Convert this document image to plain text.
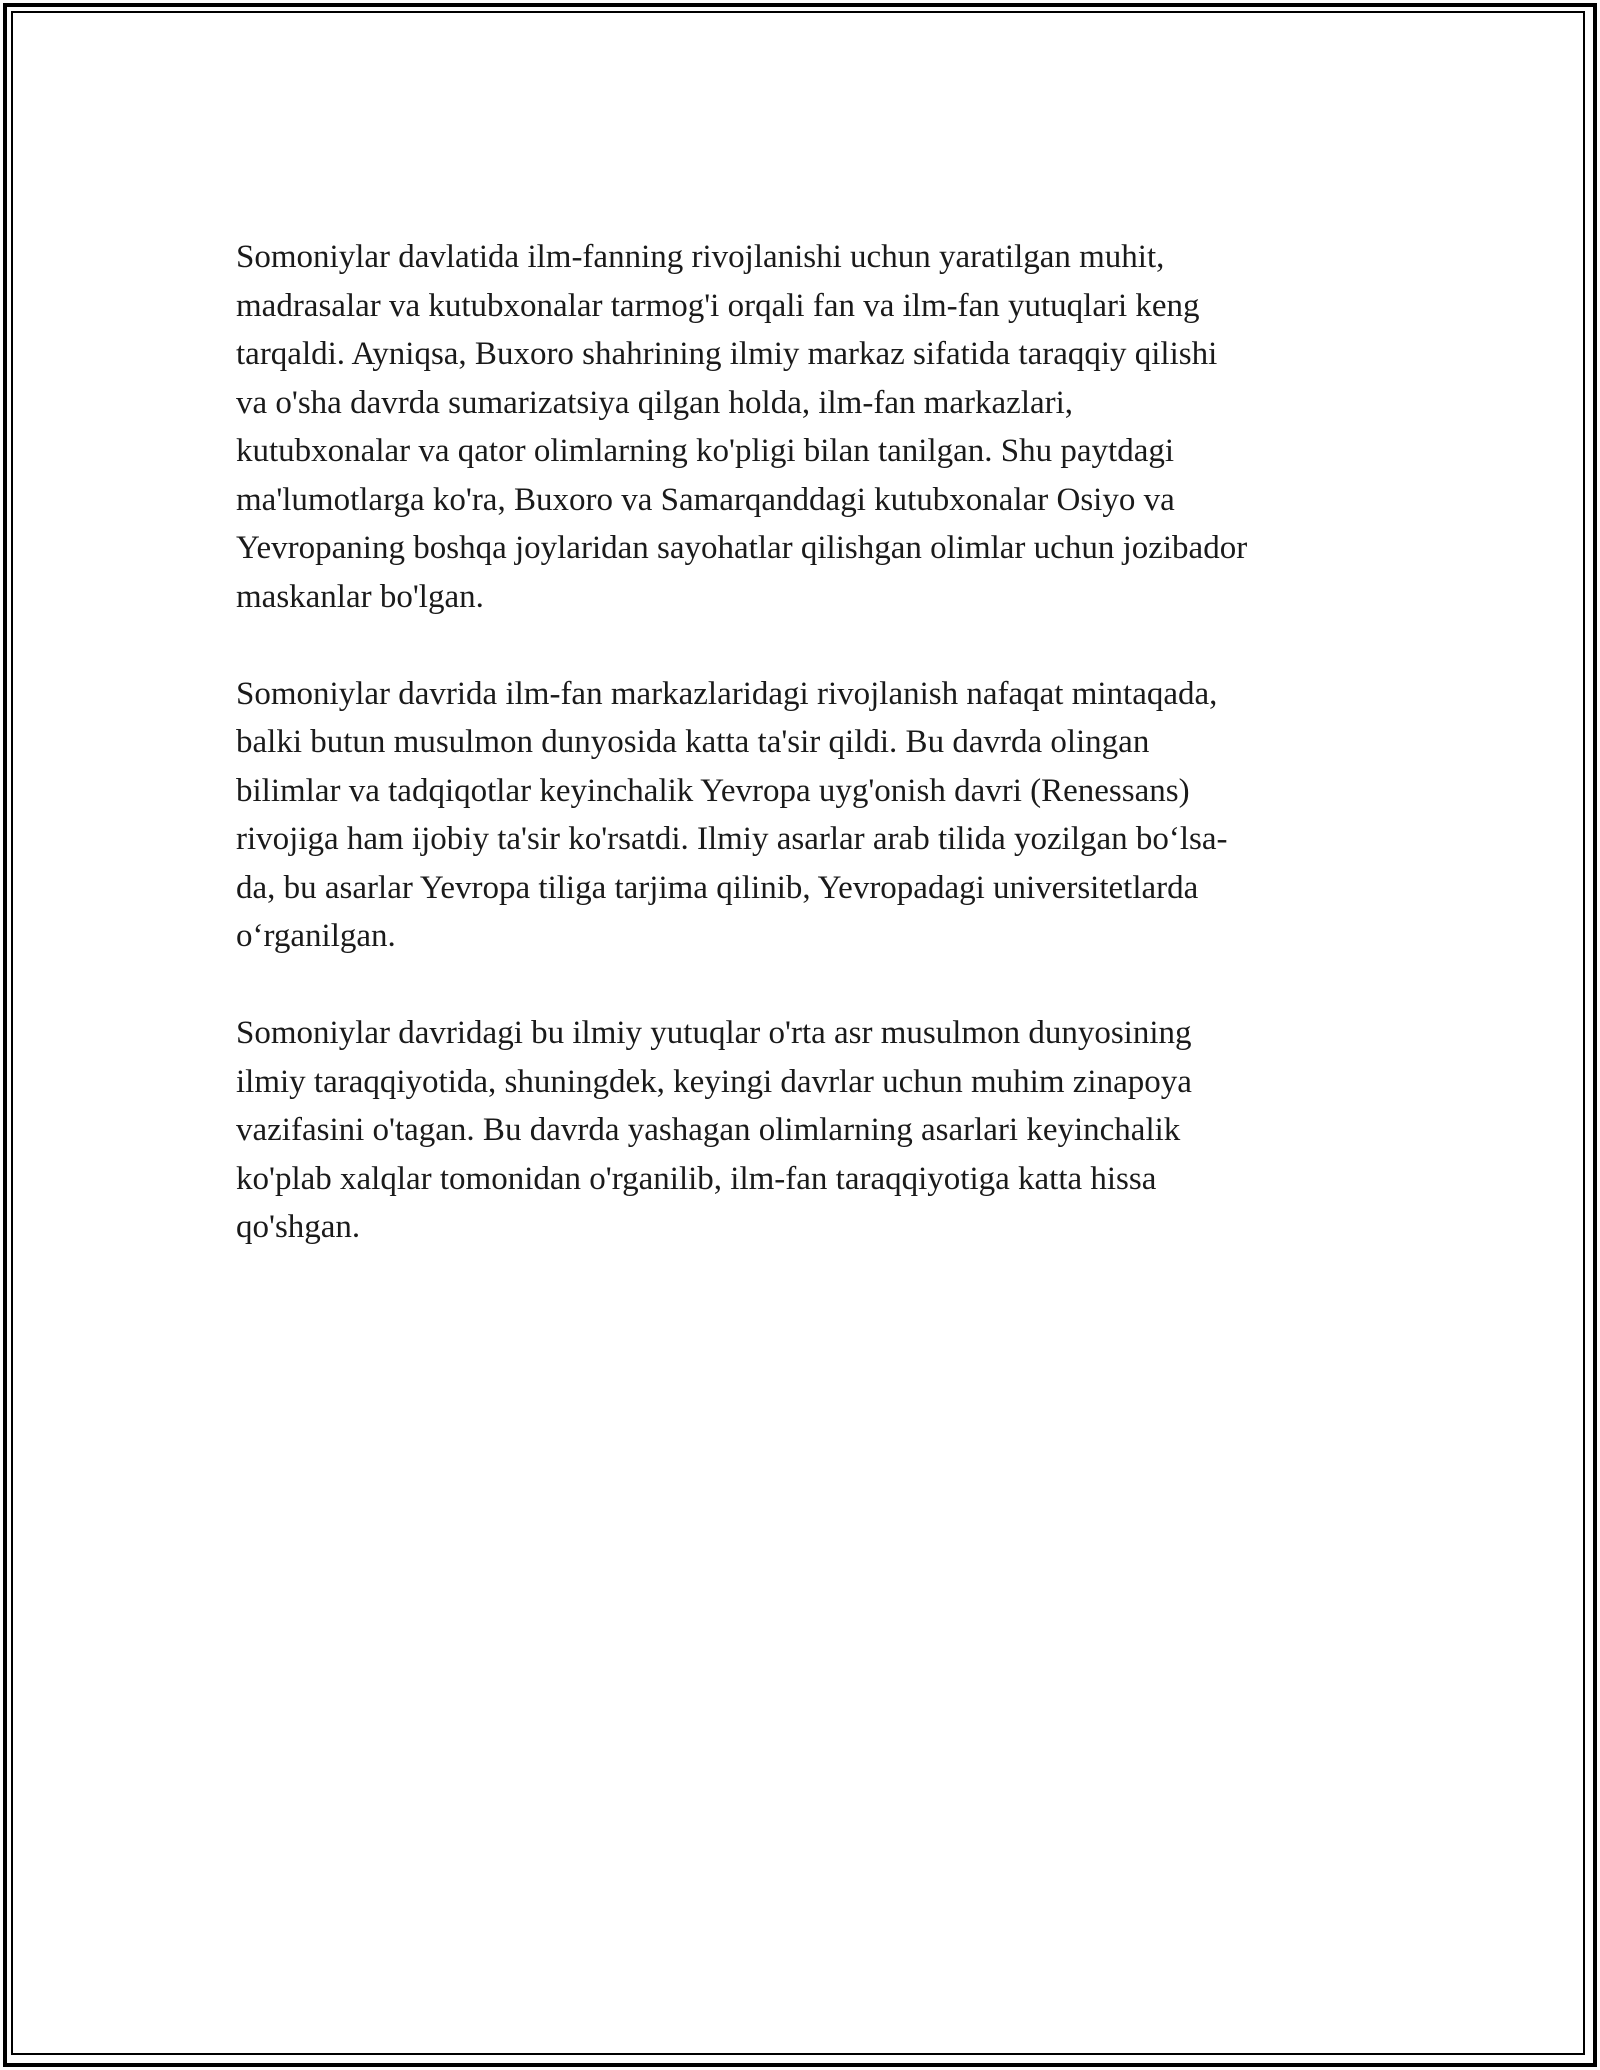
Somoniylar davlatida ilm-fanning rivojlanishi uchun yaratilgan muhit,
madrasalar va kutubxonalar tarmog'i orqali fan va ilm-fan yutuqlari keng
tarqaldi. Ayniqsa, Buxoro shahrining ilmiy markaz sifatida taraqqiy qilishi
va o'sha davrda sumarizatsiya qilgan holda, ilm-fan markazlari,
kutubxonalar va qator olimlarning ko'pligi bilan tanilgan. Shu paytdagi
ma'lumotlarga ko'ra, Buxoro va Samarqanddagi kutubxonalar Osiyo va
Yevropaning boshqa joylaridan sayohatlar qilishgan olimlar uchun jozibador
maskanlar bo'lgan.

Somoniylar davrida ilm-fan markazlaridagi rivojlanish nafaqat mintaqada,
balki butun musulmon dunyosida katta ta'sir qildi. Bu davrda olingan
bilimlar va tadqiqotlar keyinchalik Yevropa uyg'onish davri (Renessans)
rivojiga ham ijobiy ta'sir ko'rsatdi. Ilmiy asarlar arab tilida yozilgan bo‘lsa-
da, bu asarlar Yevropa tiliga tarjima qilinib, Yevropadagi universitetlarda
o‘rganilgan.

Somoniylar davridagi bu ilmiy yutuqlar o'rta asr musulmon dunyosining
ilmiy taraqqiyotida, shuningdek, keyingi davrlar uchun muhim zinapoya
vazifasini o'tagan. Bu davrda yashagan olimlarning asarlari keyinchalik
ko'plab xalqlar tomonidan o'rganilib, ilm-fan taraqqiyotiga katta hissa
qo'shgan.
